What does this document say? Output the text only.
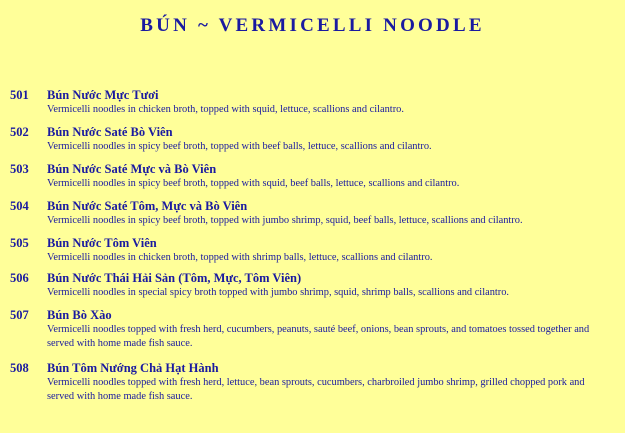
BÚN ~ VERMICELLI NOODLE
501 Bún Nước Mực Tươi
Vermicelli noodles in chicken broth, topped with squid, lettuce, scallions and cilantro.
502 Bún Nước Saté Bò Viên
Vermicelli noodles in spicy beef broth, topped with beef balls, lettuce, scallions and cilantro.
503 Bún Nước Saté Mực và Bò Viên
Vermicelli noodles in spicy beef broth, topped with squid, beef balls, lettuce, scallions and cilantro.
504 Bún Nước Saté Tôm, Mực và Bò Viên
Vermicelli noodles in spicy beef broth, topped with jumbo shrimp, squid, beef balls, lettuce, scallions and cilantro.
505 Bún Nước Tôm Viên
Vermicelli noodles in chicken broth, topped with shrimp balls, lettuce, scallions and cilantro.
506 Bún Nước Thái Hải Sản (Tôm, Mực, Tôm Viên)
Vermicelli noodles in special spicy broth topped with jumbo shrimp, squid, shrimp balls, scallions and cilantro.
507 Bún Bò Xào
Vermicelli noodles topped with fresh herd, cucumbers, peanuts, sauté beef, onions, bean sprouts, and tomatoes tossed together and served with home made fish sauce.
508 Bún Tôm Nướng Chả Hạt Hành
Vermicelli noodles topped with fresh herd, lettuce, bean sprouts, cucumbers, charbroiled jumbo shrimp, grilled chopped pork and served with home made fish sauce.
